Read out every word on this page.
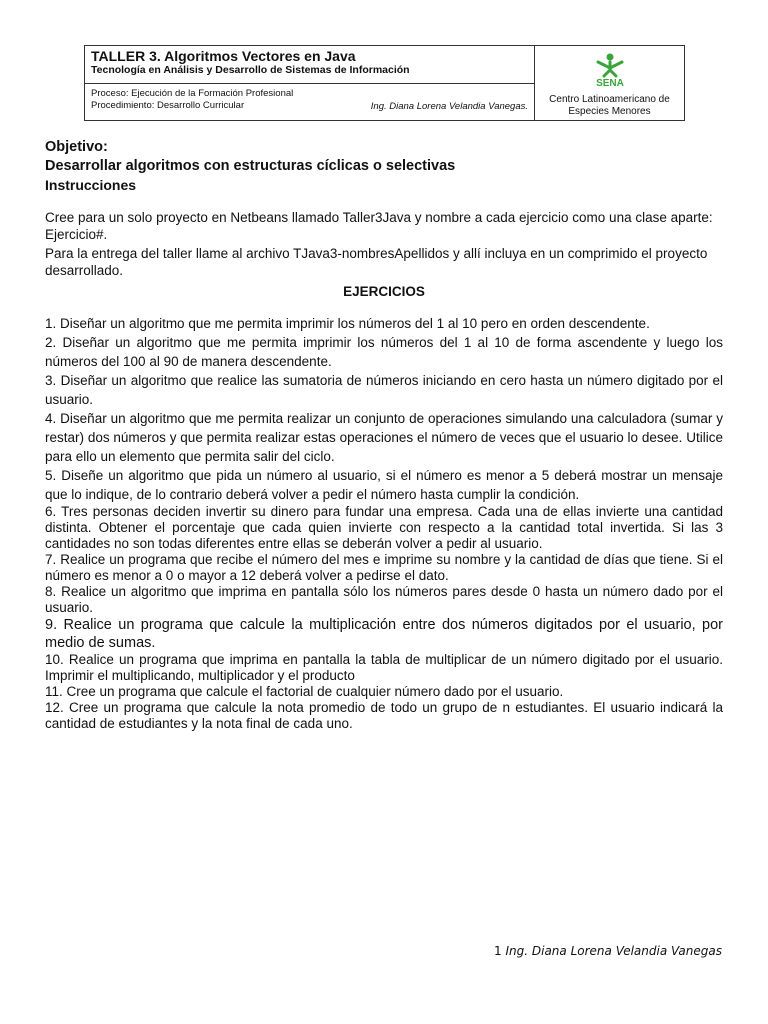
TALLER 3. Algoritmos Vectores en Java
Tecnología en Análisis y Desarrollo de Sistemas de Información
SENA
Centro Latinoamericano de
Especies Menores
Proceso: Ejecución de la Formación Profesional
Procedimiento: Desarrollo Curricular	Ing. Diana Lorena Velandia Vanegas.

Objetivo:

Desarrollar algoritmos con estructuras cíclicas o selectivas

Instrucciones

Cree para un solo proyecto en Netbeans llamado Taller3Java y nombre a cada ejercicio como una clase aparte: Ejercicio#.

Para la entrega del taller llame al archivo TJava3-nombresApellidos y allí incluya en un comprimido el proyecto desarrollado.

EJERCICIOS

1. Diseñar un algoritmo que me permita imprimir los números del 1 al 10 pero en orden descendente.

2. Diseñar un algoritmo que me permita imprimir los números del 1 al 10 de forma ascendente y luego los números del 100 al 90 de manera descendente.

3. Diseñar un algoritmo que realice las sumatoria de números iniciando en cero hasta un número digitado por el usuario.

4. Diseñar un algoritmo que me permita realizar un conjunto de operaciones simulando una calculadora (sumar y restar) dos números y que permita realizar estas operaciones el número de veces que el usuario lo desee. Utilice para ello un elemento que permita salir del ciclo.

5. Diseñe un algoritmo que pida un número al usuario, si el número es menor a 5 deberá mostrar un mensaje que lo indique, de lo contrario deberá volver a pedir el número hasta cumplir la condición.

6. Tres personas deciden invertir su dinero para fundar una empresa. Cada una de ellas invierte una cantidad distinta. Obtener el porcentaje que cada quien invierte con respecto a la cantidad total invertida. Si las 3 cantidades no son todas diferentes entre ellas se deberán volver a pedir al usuario.

7. Realice un programa que recibe el número del mes e imprime su nombre y la cantidad de días que tiene. Si el número es menor a 0 o mayor a 12 deberá volver a pedirse el dato.

8. Realice un algoritmo que imprima en pantalla sólo los números pares desde 0 hasta un número dado por el usuario.

9. Realice un programa que calcule la multiplicación entre dos números digitados por el usuario, por medio de sumas.

10. Realice un programa que imprima en pantalla la tabla de multiplicar de un número digitado por el usuario. Imprimir el multiplicando, multiplicador y el producto

11. Cree un programa que calcule el factorial de cualquier número dado por el usuario.

12. Cree un programa que calcule la nota promedio de todo un grupo de n estudiantes. El usuario indicará la cantidad de estudiantes y la nota final de cada uno.

1 Ing. Diana Lorena Velandia Vanegas
